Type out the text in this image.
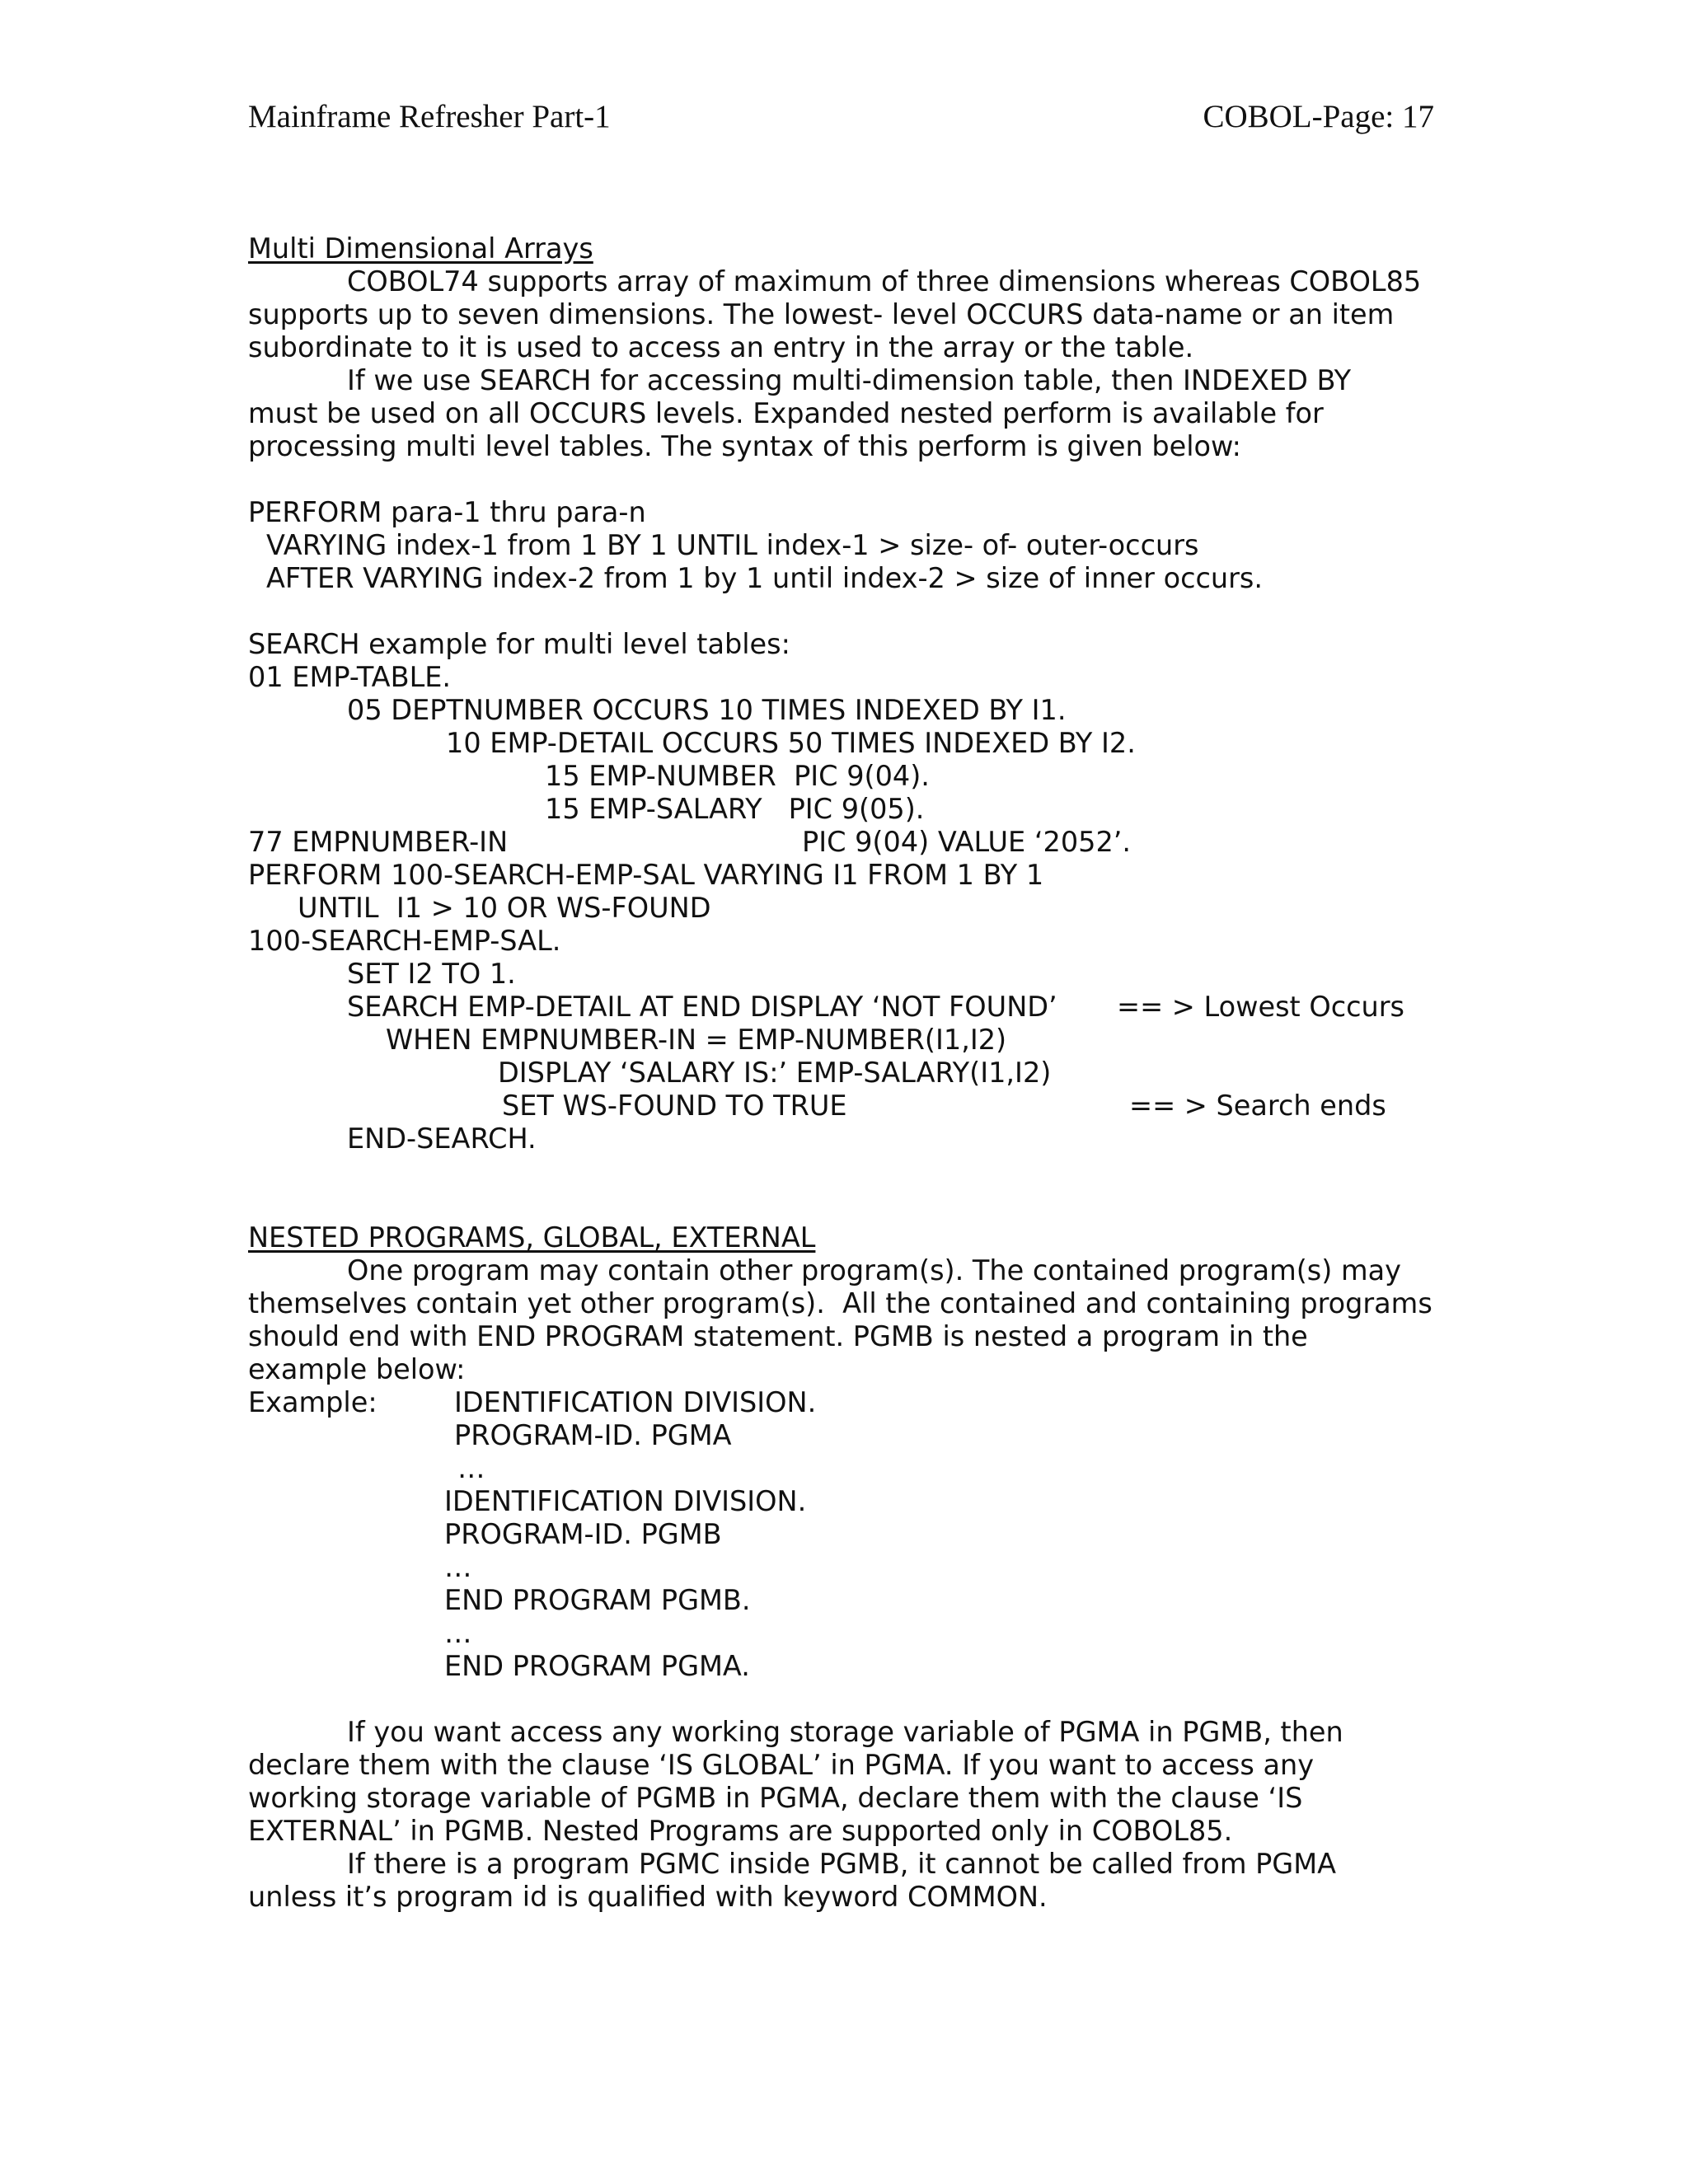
Mainframe Refresher Part-1	COBOL-Page: 17
Multi Dimensional Arrays
COBOL74 supports array of maximum of three dimensions whereas COBOL85
supports up to seven dimensions. The lowest- level OCCURS data-name or an item
subordinate to it is used to access an entry in the array or the table.
If we use SEARCH for accessing multi-dimension table, then INDEXED BY
must be used on all OCCURS levels. Expanded nested perform is available for
processing multi level tables. The syntax of this perform is given below:
PERFORM para-1 thru para-n
VARYING index-1 from 1 BY 1 UNTIL index-1 > size- of- outer-occurs
AFTER VARYING index-2 from 1 by 1 until index-2 > size of inner occurs.
SEARCH example for multi level tables:
01 EMP-TABLE.
05 DEPTNUMBER OCCURS 10 TIMES INDEXED BY I1.
10 EMP-DETAIL OCCURS 50 TIMES INDEXED BY I2.
15 EMP-NUMBER  PIC 9(04).
15 EMP-SALARY   PIC 9(05).
77 EMPNUMBER-IN	PIC 9(04) VALUE ‘2052’.
PERFORM 100-SEARCH-EMP-SAL VARYING I1 FROM 1 BY 1
UNTIL  I1 > 10 OR WS-FOUND
100-SEARCH-EMP-SAL.
SET I2 TO 1.
SEARCH EMP-DETAIL AT END DISPLAY ‘NOT FOUND’ == > Lowest Occurs
WHEN EMPNUMBER-IN = EMP-NUMBER(I1,I2)
DISPLAY ‘SALARY IS:’ EMP-SALARY(I1,I2)
SET WS-FOUND TO TRUE	== > Search ends
END-SEARCH.
NESTED PROGRAMS, GLOBAL, EXTERNAL
One program may contain other program(s). The contained program(s) may
themselves contain yet other program(s).  All the contained and containing programs
should end with END PROGRAM statement. PGMB is nested a program in the
example below:
Example:	IDENTIFICATION DIVISION.
PROGRAM-ID. PGMA
…
IDENTIFICATION DIVISION.
PROGRAM-ID. PGMB
…
END PROGRAM PGMB.
…
END PROGRAM PGMA.
If you want access any working storage variable of PGMA in PGMB, then
declare them with the clause ‘IS GLOBAL’ in PGMA. If you want to access any
working storage variable of PGMB in PGMA, declare them with the clause ‘IS
EXTERNAL’ in PGMB. Nested Programs are supported only in COBOL85.
If there is a program PGMC inside PGMB, it cannot be called from PGMA
unless it’s program id is qualified with keyword COMMON.
